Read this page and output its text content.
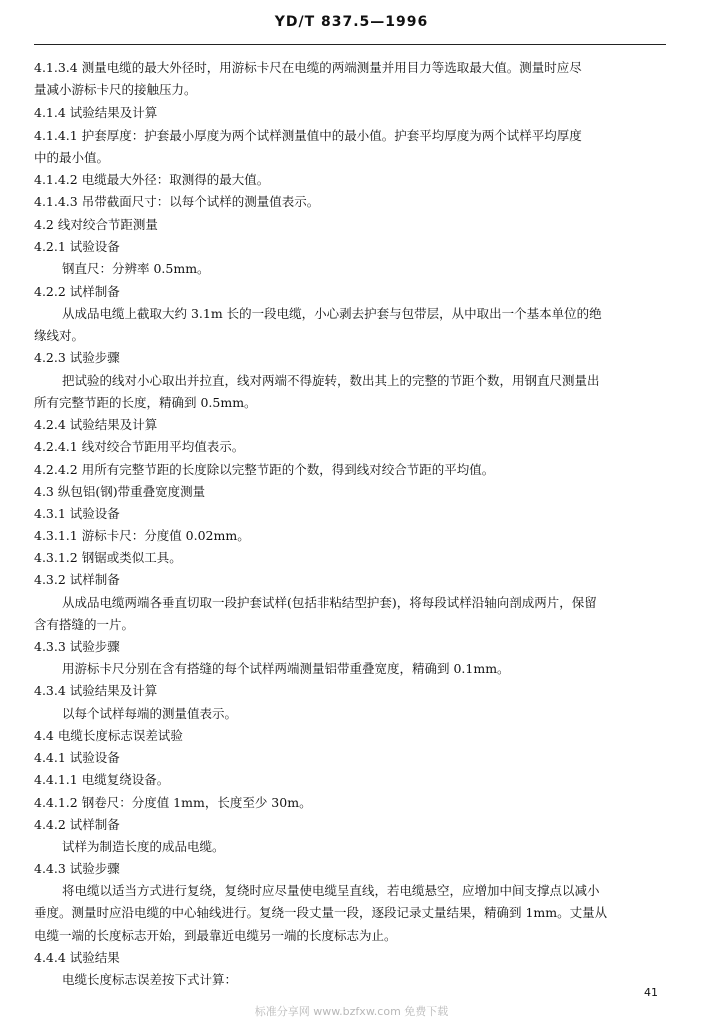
YD/T 837.5—1996
4.1.3.4 测量电缆的最大外径时，用游标卡尺在电缆的两端测量并用目力等选取最大值。测量时应尽
量减小游标卡尺的接触压力。
4.1.4 试验结果及计算
4.1.4.1 护套厚度：护套最小厚度为两个试样测量值中的最小值。护套平均厚度为两个试样平均厚度
中的最小值。
4.1.4.2 电缆最大外径：取测得的最大值。
4.1.4.3 吊带截面尺寸：以每个试样的测量值表示。
4.2 线对绞合节距测量
4.2.1 试验设备
钢直尺：分辨率 0.5mm。
4.2.2 试样制备
从成品电缆上截取大约 3.1m 长的一段电缆，小心剥去护套与包带层，从中取出一个基本单位的绝
缘线对。
4.2.3 试验步骤
把试验的线对小心取出并拉直，线对两端不得旋转，数出其上的完整的节距个数，用钢直尺测量出
所有完整节距的长度，精确到 0.5mm。
4.2.4 试验结果及计算
4.2.4.1 线对绞合节距用平均值表示。
4.2.4.2 用所有完整节距的长度除以完整节距的个数，得到线对绞合节距的平均值。
4.3 纵包铝(钢)带重叠宽度测量
4.3.1 试验设备
4.3.1.1 游标卡尺：分度值 0.02mm。
4.3.1.2 钢锯或类似工具。
4.3.2 试样制备
从成品电缆两端各垂直切取一段护套试样(包括非粘结型护套)，将每段试样沿轴向剖成两片，保留
含有搭缝的一片。
4.3.3 试验步骤
用游标卡尺分别在含有搭缝的每个试样两端测量铝带重叠宽度，精确到 0.1mm。
4.3.4 试验结果及计算
以每个试样每端的测量值表示。
4.4 电缆长度标志误差试验
4.4.1 试验设备
4.4.1.1 电缆复绕设备。
4.4.1.2 钢卷尺：分度值 1mm，长度至少 30m。
4.4.2 试样制备
试样为制造长度的成品电缆。
4.4.3 试验步骤
将电缆以适当方式进行复绕，复绕时应尽量使电缆呈直线，若电缆悬空，应增加中间支撑点以减小
垂度。测量时应沿电缆的中心轴线进行。复绕一段丈量一段，逐段记录丈量结果，精确到 1mm。丈量从
电缆一端的长度标志开始，到最靠近电缆另一端的长度标志为止。
4.4.4 试验结果
电缆长度标志误差按下式计算：
41
标准分享网 www.bzfxw.com 免费下载
